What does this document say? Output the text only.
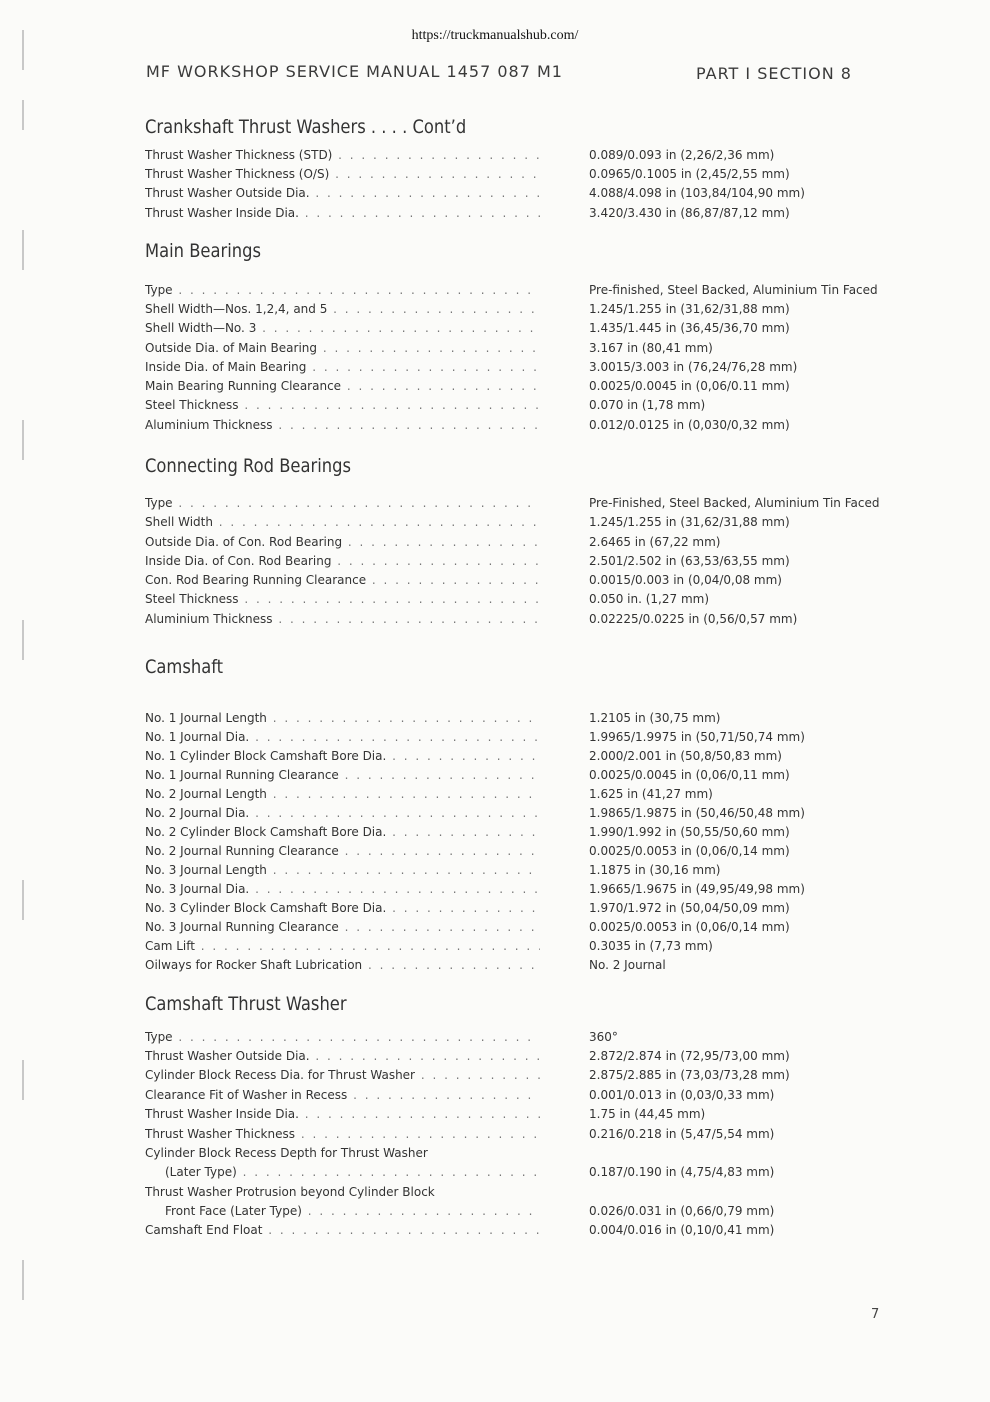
https://truckmanualshub.com/
MF WORKSHOP SERVICE MANUAL 1457 087 M1	PART I SECTION 8
Crankshaft Thrust Washers . . . . Cont’d
Thrust Washer Thickness (STD) . . .	0.089/0.093 in (2,26/2,36 mm)
Thrust Washer Thickness (O/S) . . .	0.0965/0.1005 in (2,45/2,55 mm)
Thrust Washer Outside Dia. . . .	4.088/4.098 in (103,84/104,90 mm)
Thrust Washer Inside Dia. . . .	3.420/3.430 in (86,87/87,12 mm)
Main Bearings
Type . . .	Pre-finished, Steel Backed, Aluminium Tin Faced
Shell Width—Nos. 1,2,4, and 5 . . .	1.245/1.255 in (31,62/31,88 mm)
Shell Width—No. 3 . . .	1.435/1.445 in (36,45/36,70 mm)
Outside Dia. of Main Bearing . . .	3.167 in (80,41 mm)
Inside Dia. of Main Bearing . . .	3.0015/3.003 in (76,24/76,28 mm)
Main Bearing Running Clearance . . .	0.0025/0.0045 in (0,06/0.11 mm)
Steel Thickness . . .	0.070 in (1,78 mm)
Aluminium Thickness . . .	0.012/0.0125 in (0,030/0,32 mm)
Connecting Rod Bearings
Type . . .	Pre-Finished, Steel Backed, Aluminium Tin Faced
Shell Width . . .	1.245/1.255 in (31,62/31,88 mm)
Outside Dia. of Con. Rod Bearing . . .	2.6465 in (67,22 mm)
Inside Dia. of Con. Rod Bearing . . .	2.501/2.502 in (63,53/63,55 mm)
Con. Rod Bearing Running Clearance . . .	0.0015/0.003 in (0,04/0,08 mm)
Steel Thickness . . .	0.050 in. (1,27 mm)
Aluminium Thickness . . .	0.02225/0.0225 in (0,56/0,57 mm)
Camshaft
No. 1 Journal Length . . .	1.2105 in (30,75 mm)
No. 1 Journal Dia. . . .	1.9965/1.9975 in (50,71/50,74 mm)
No. 1 Cylinder Block Camshaft Bore Dia. . . .	2.000/2.001 in (50,8/50,83 mm)
No. 1 Journal Running Clearance . . .	0.0025/0.0045 in (0,06/0,11 mm)
No. 2 Journal Length . . .	1.625 in (41,27 mm)
No. 2 Journal Dia. . . .	1.9865/1.9875 in (50,46/50,48 mm)
No. 2 Cylinder Block Camshaft Bore Dia. . . .	1.990/1.992 in (50,55/50,60 mm)
No. 2 Journal Running Clearance . . .	0.0025/0.0053 in (0,06/0,14 mm)
No. 3 Journal Length . . .	1.1875 in (30,16 mm)
No. 3 Journal Dia. . . .	1.9665/1.9675 in (49,95/49,98 mm)
No. 3 Cylinder Block Camshaft Bore Dia. . . .	1.970/1.972 in (50,04/50,09 mm)
No. 3 Journal Running Clearance . . .	0.0025/0.0053 in (0,06/0,14 mm)
Cam Lift . . .	0.3035 in (7,73 mm)
Oilways for Rocker Shaft Lubrication . . .	No. 2 Journal
Camshaft Thrust Washer
Type . . .	360°
Thrust Washer Outside Dia. . . .	2.872/2.874 in (72,95/73,00 mm)
Cylinder Block Recess Dia. for Thrust Washer . . .	2.875/2.885 in (73,03/73,28 mm)
Clearance Fit of Washer in Recess . . .	0.001/0.013 in (0,03/0,33 mm)
Thrust Washer Inside Dia. . . .	1.75 in (44,45 mm)
Thrust Washer Thickness . . .	0.216/0.218 in (5,47/5,54 mm)
Cylinder Block Recess Depth for Thrust Washer
(Later Type) . . .	0.187/0.190 in (4,75/4,83 mm)
Thrust Washer Protrusion beyond Cylinder Block
Front Face (Later Type) . . .	0.026/0.031 in (0,66/0,79 mm)
Camshaft End Float . . .	0.004/0.016 in (0,10/0,41 mm)
7
